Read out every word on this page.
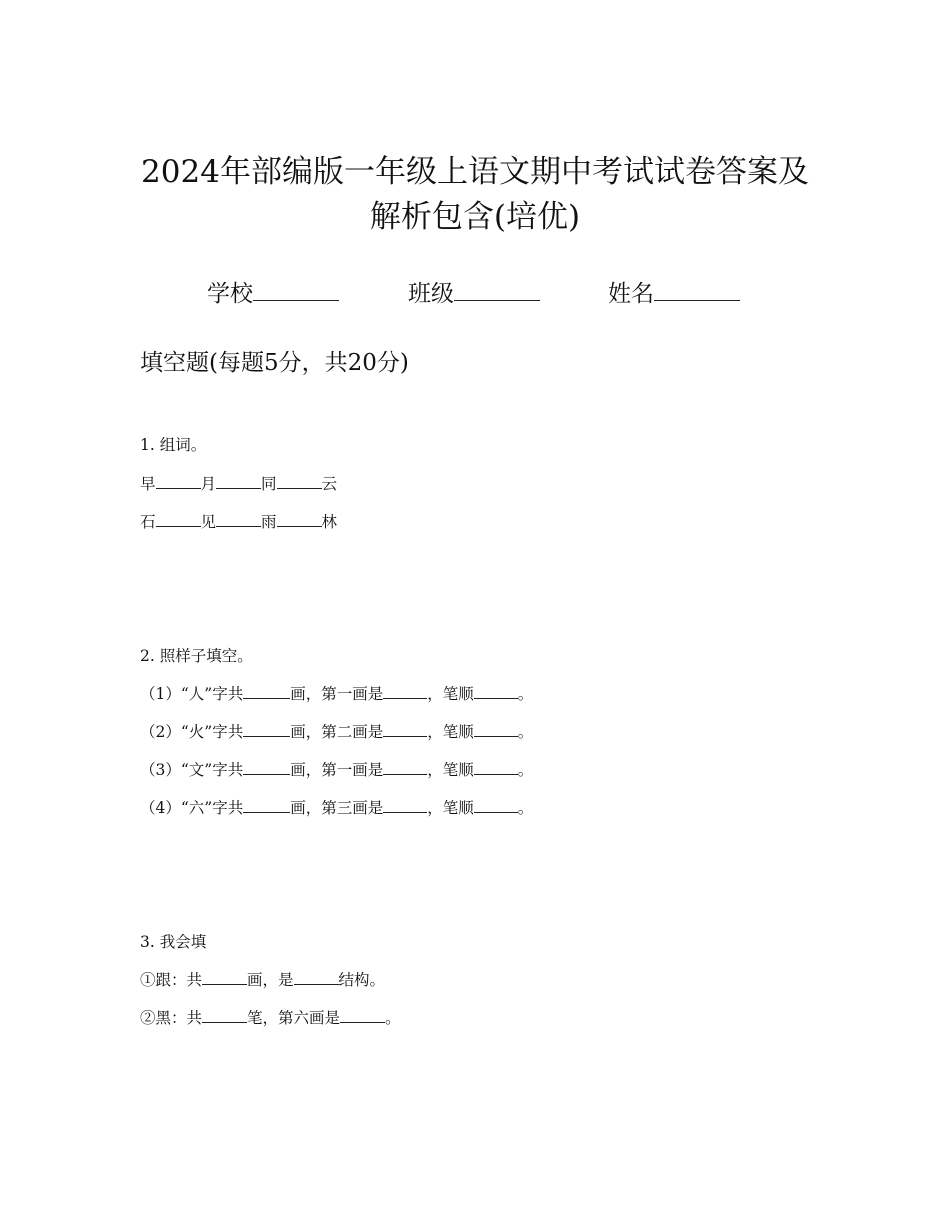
2024年部编版一年级上语文期中考试试卷答案及
解析包含(培优)
学校	班级	姓名
填空题(每题5分，共20分)
1. 组词。
早	月	同	云
石	见	雨	林
2. 照样子填空。
（1）“人”字共	画，第一画是	，笔顺	。
（2）“火”字共	画，第二画是	，笔顺	。
（3）“文”字共	画，第一画是	，笔顺	。
（4）“六”字共	画，第三画是	，笔顺	。
3. 我会填
①跟：共	画，是	结构。
②黑：共	笔，第六画是	。
